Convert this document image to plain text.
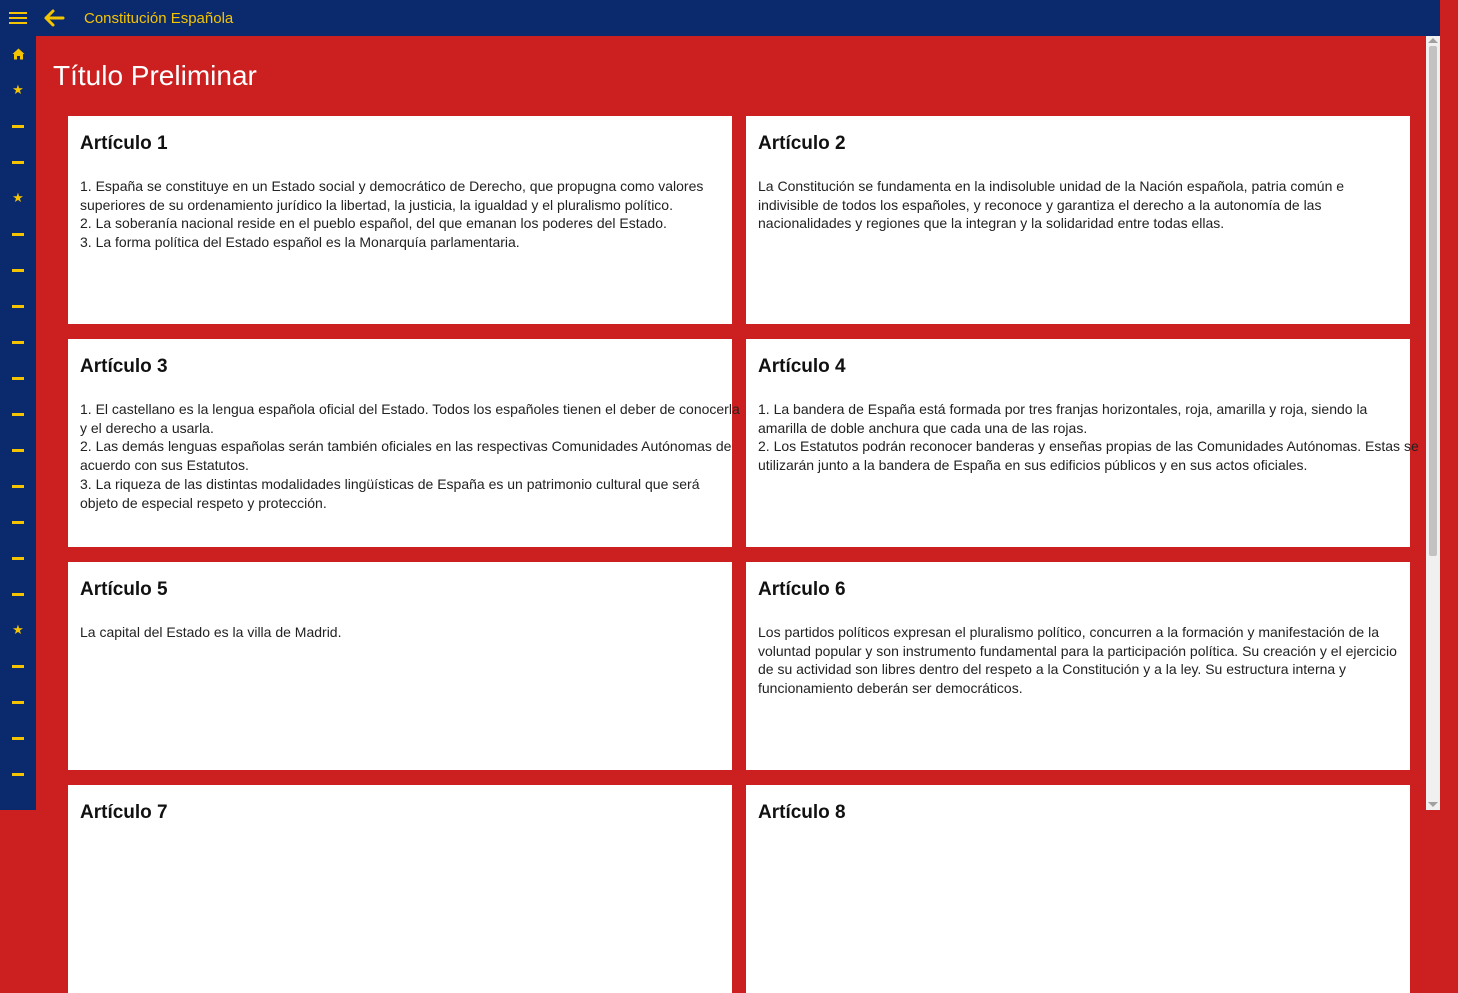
Constitución Española
★
★
★
Título Preliminar
Artículo 1

1. España se constituye en un Estado social y democrático de Derecho, que propugna como valores

superiores de su ordenamiento jurídico la libertad, la justicia, la igualdad y el pluralismo político.

2. La soberanía nacional reside en el pueblo español, del que emanan los poderes del Estado.

3. La forma política del Estado español es la Monarquía parlamentaria.

Artículo 2

La Constitución se fundamenta en la indisoluble unidad de la Nación española, patria común e

indivisible de todos los españoles, y reconoce y garantiza el derecho a la autonomía de las

nacionalidades y regiones que la integran y la solidaridad entre todas ellas.

Artículo 3

1. El castellano es la lengua española oficial del Estado. Todos los españoles tienen el deber de conocerla

y el derecho a usarla.

2. Las demás lenguas españolas serán también oficiales en las respectivas Comunidades Autónomas de

acuerdo con sus Estatutos.

3. La riqueza de las distintas modalidades lingüísticas de España es un patrimonio cultural que será

objeto de especial respeto y protección.

Artículo 4

1. La bandera de España está formada por tres franjas horizontales, roja, amarilla y roja, siendo la

amarilla de doble anchura que cada una de las rojas.

2. Los Estatutos podrán reconocer banderas y enseñas propias de las Comunidades Autónomas. Estas se

utilizarán junto a la bandera de España en sus edificios públicos y en sus actos oficiales.

Artículo 5

La capital del Estado es la villa de Madrid.

Artículo 6

Los partidos políticos expresan el pluralismo político, concurren a la formación y manifestación de la

voluntad popular y son instrumento fundamental para la participación política. Su creación y el ejercicio

de su actividad son libres dentro del respeto a la Constitución y a la ley. Su estructura interna y

funcionamiento deberán ser democráticos.

Artículo 7	Artículo 8
